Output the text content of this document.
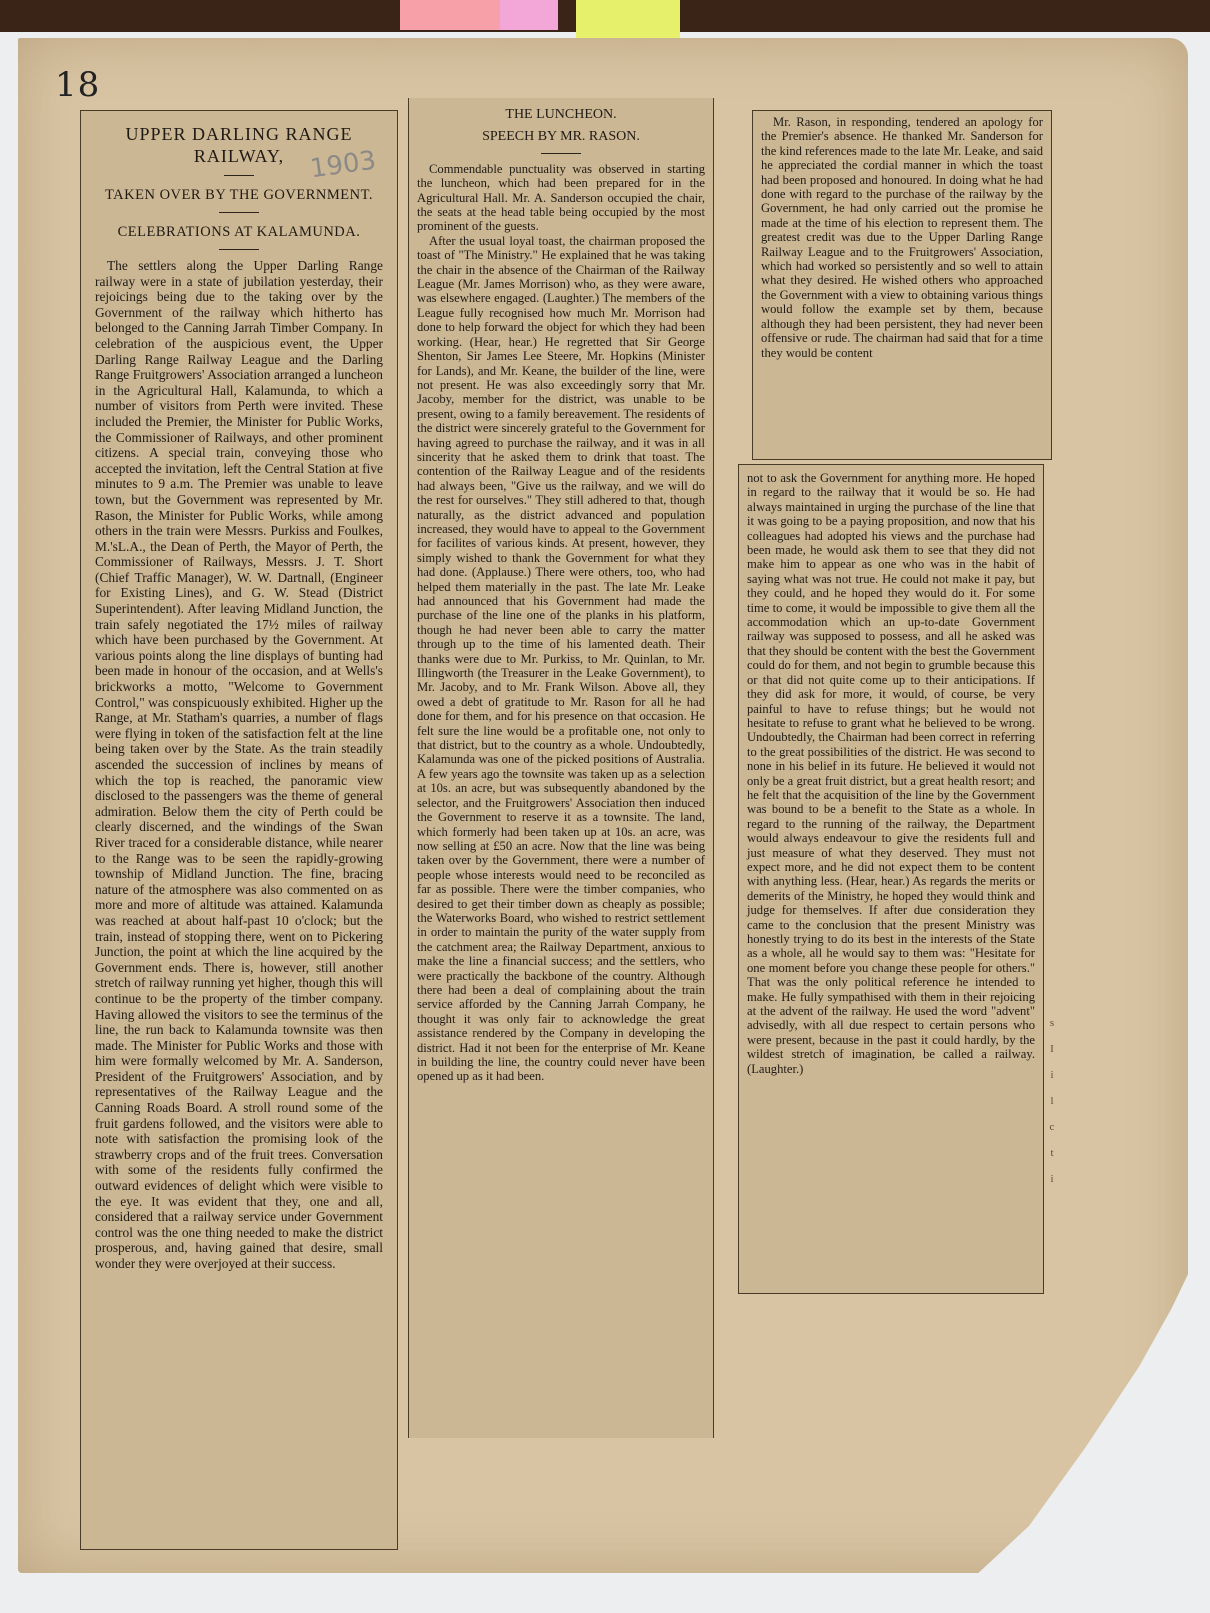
18
UPPER DARLING RANGE RAILWAY,
TAKEN OVER BY THE GOVERNMENT.
CELEBRATIONS AT KALAMUNDA.

The settlers along the Upper Darling Range railway were in a state of jubilation yesterday, their rejoicings being due to the taking over by the Government of the railway which hitherto has belonged to the Canning Jarrah Timber Company. In celebration of the auspicious event, the Upper Darling Range Railway League and the Darling Range Fruitgrowers' Association arranged a luncheon in the Agricultural Hall, Kalamunda, to which a number of visitors from Perth were invited. These included the Premier, the Minister for Public Works, the Commissioner of Railways, and other prominent citizens. A special train, conveying those who accepted the invitation, left the Central Station at five minutes to 9 a.m. The Premier was unable to leave town, but the Government was represented by Mr. Rason, the Minister for Public Works, while among others in the train were Messrs. Purkiss and Foulkes, M.'sL.A., the Dean of Perth, the Mayor of Perth, the Commissioner of Railways, Messrs. J. T. Short (Chief Traffic Manager), W. W. Dartnall, (Engineer for Existing Lines), and G. W. Stead (District Superintendent). After leaving Midland Junction, the train safely negotiated the 17½ miles of railway which have been purchased by the Government. At various points along the line displays of bunting had been made in honour of the occasion, and at Wells's brickworks a motto, "Welcome to Government Control," was conspicuously exhibited. Higher up the Range, at Mr. Statham's quarries, a number of flags were flying in token of the satisfaction felt at the line being taken over by the State. As the train steadily ascended the succession of inclines by means of which the top is reached, the panoramic view disclosed to the passengers was the theme of general admiration. Below them the city of Perth could be clearly discerned, and the windings of the Swan River traced for a considerable distance, while nearer to the Range was to be seen the rapidly-growing township of Midland Junction. The fine, bracing nature of the atmosphere was also commented on as more and more of altitude was attained. Kalamunda was reached at about half-past 10 o'clock; but the train, instead of stopping there, went on to Pickering Junction, the point at which the line acquired by the Government ends. There is, however, still another stretch of railway running yet higher, though this will continue to be the property of the timber company. Having allowed the visitors to see the terminus of the line, the run back to Kalamunda townsite was then made. The Minister for Public Works and those with him were formally welcomed by Mr. A. Sanderson, President of the Fruitgrowers' Association, and by representatives of the Railway League and the Canning Roads Board. A stroll round some of the fruit gardens followed, and the visitors were able to note with satisfaction the promising look of the strawberry crops and of the fruit trees. Conversation with some of the residents fully confirmed the outward evidences of delight which were visible to the eye. It was evident that they, one and all, considered that a railway service under Government control was the one thing needed to make the district prosperous, and, having gained that desire, small wonder they were overjoyed at their success.

1903
THE LUNCHEON.
SPEECH BY MR. RASON.

Commendable punctuality was observed in starting the luncheon, which had been prepared for in the Agricultural Hall. Mr. A. Sanderson occupied the chair, the seats at the head table being occupied by the most prominent of the guests.

After the usual loyal toast, the chairman proposed the toast of "The Ministry." He explained that he was taking the chair in the absence of the Chairman of the Railway League (Mr. James Morrison) who, as they were aware, was elsewhere engaged. (Laughter.) The members of the League fully recognised how much Mr. Morrison had done to help forward the object for which they had been working. (Hear, hear.) He regretted that Sir George Shenton, Sir James Lee Steere, Mr. Hopkins (Minister for Lands), and Mr. Keane, the builder of the line, were not present. He was also exceedingly sorry that Mr. Jacoby, member for the district, was unable to be present, owing to a family bereavement. The residents of the district were sincerely grateful to the Government for having agreed to purchase the railway, and it was in all sincerity that he asked them to drink that toast. The contention of the Railway League and of the residents had always been, "Give us the railway, and we will do the rest for ourselves." They still adhered to that, though naturally, as the district advanced and population increased, they would have to appeal to the Government for facilites of various kinds. At present, however, they simply wished to thank the Government for what they had done. (Applause.) There were others, too, who had helped them materially in the past. The late Mr. Leake had announced that his Government had made the purchase of the line one of the planks in his platform, though he had never been able to carry the matter through up to the time of his lamented death. Their thanks were due to Mr. Purkiss, to Mr. Quinlan, to Mr. Illingworth (the Treasurer in the Leake Government), to Mr. Jacoby, and to Mr. Frank Wilson. Above all, they owed a debt of gratitude to Mr. Rason for all he had done for them, and for his presence on that occasion. He felt sure the line would be a profitable one, not only to that district, but to the country as a whole. Undoubtedly, Kalamunda was one of the picked positions of Australia. A few years ago the townsite was taken up as a selection at 10s. an acre, but was subsequently abandoned by the selector, and the Fruitgrowers' Association then induced the Government to reserve it as a townsite. The land, which formerly had been taken up at 10s. an acre, was now selling at £50 an acre. Now that the line was being taken over by the Government, there were a number of people whose interests would need to be reconciled as far as possible. There were the timber companies, who desired to get their timber down as cheaply as possible; the Waterworks Board, who wished to restrict settlement in order to maintain the purity of the water supply from the catchment area; the Railway Department, anxious to make the line a financial success; and the settlers, who were practically the backbone of the country. Although there had been a deal of complaining about the train service afforded by the Canning Jarrah Company, he thought it was only fair to acknowledge the great assistance rendered by the Company in developing the district. Had it not been for the enterprise of Mr. Keane in building the line, the country could never have been opened up as it had been.

Mr. Rason, in responding, tendered an apology for the Premier's absence. He thanked Mr. Sanderson for the kind references made to the late Mr. Leake, and said he appreciated the cordial manner in which the toast had been proposed and honoured. In doing what he had done with regard to the purchase of the railway by the Government, he had only carried out the promise he made at the time of his election to represent them. The greatest credit was due to the Upper Darling Range Railway League and to the Fruitgrowers' Association, which had worked so persistently and so well to attain what they desired. He wished others who approached the Government with a view to obtaining various things would follow the example set by them, because although they had been persistent, they had never been offensive or rude. The chairman had said that for a time they would be content

not to ask the Government for anything more. He hoped in regard to the railway that it would be so. He had always maintained in urging the purchase of the line that it was going to be a paying proposition, and now that his colleagues had adopted his views and the purchase had been made, he would ask them to see that they did not make him to appear as one who was in the habit of saying what was not true. He could not make it pay, but they could, and he hoped they would do it. For some time to come, it would be impossible to give them all the accommodation which an up-to-date Government railway was supposed to possess, and all he asked was that they should be content with the best the Government could do for them, and not begin to grumble because this or that did not quite come up to their anticipations. If they did ask for more, it would, of course, be very painful to have to refuse things; but he would not hesitate to refuse to grant what he believed to be wrong. Undoubtedly, the Chairman had been correct in referring to the great possibilities of the district. He was second to none in his belief in its future. He believed it would not only be a great fruit district, but a great health resort; and he felt that the acquisition of the line by the Government was bound to be a benefit to the State as a whole. In regard to the running of the railway, the Department would always endeavour to give the residents full and just measure of what they deserved. They must not expect more, and he did not expect them to be content with anything less. (Hear, hear.) As regards the merits or demerits of the Ministry, he hoped they would think and judge for themselves. If after due consideration they came to the conclusion that the present Ministry was honestly trying to do its best in the interests of the State as a whole, all he would say to them was: "Hesitate for one moment before you change these people for others." That was the only political reference he intended to make. He fully sympathised with them in their rejoicing at the advent of the railway. He used the word "advent" advisedly, with all due respect to certain persons who were present, because in the past it could hardly, by the wildest stretch of imagination, be called a railway. (Laughter.)

s
I
i
l
c
t
i
